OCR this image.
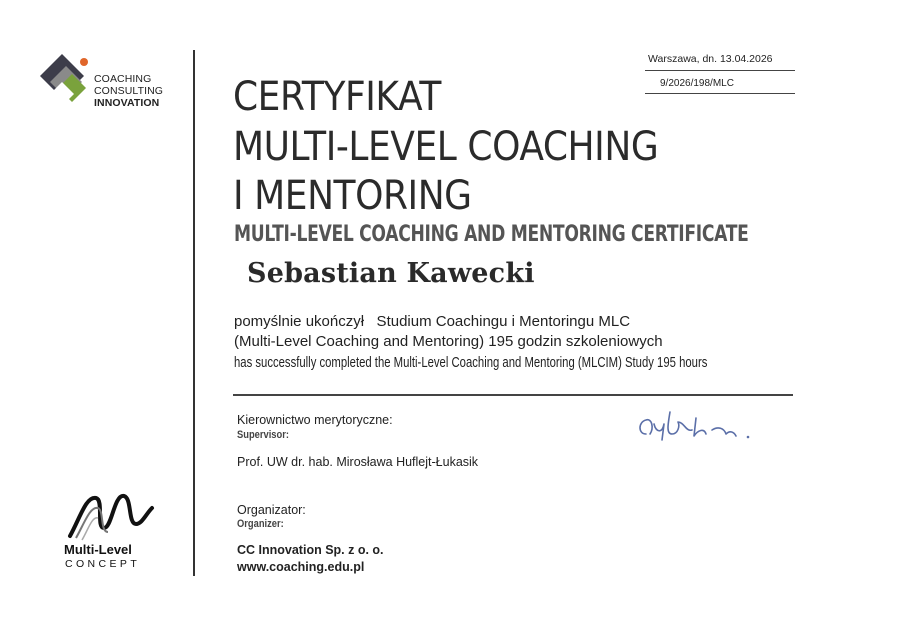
COACHING
CONSULTING
INNOVATION
Multi-Level
CONCEPT
Warszawa, dn. 13.04.2026
9/2026/198/MLC
CERTYFIKAT
MULTI-LEVEL COACHING
I MENTORING
MULTI-LEVEL COACHING AND MENTORING CERTIFICATE
Sebastian Kawecki
pomyślnie ukończył   Studium Coachingu i Mentoringu MLC
(Multi-Level Coaching and Mentoring) 195 godzin szkoleniowych
has successfully completed the Multi-Level Coaching and Mentoring (MLCIM) Study 195 hours
Kierownictwo merytoryczne:
Supervisor:
Prof. UW dr. hab. Mirosława Huflejt-Łukasik
Organizator:
Organizer:
CC Innovation Sp. z o. o.
www.coaching.edu.pl
